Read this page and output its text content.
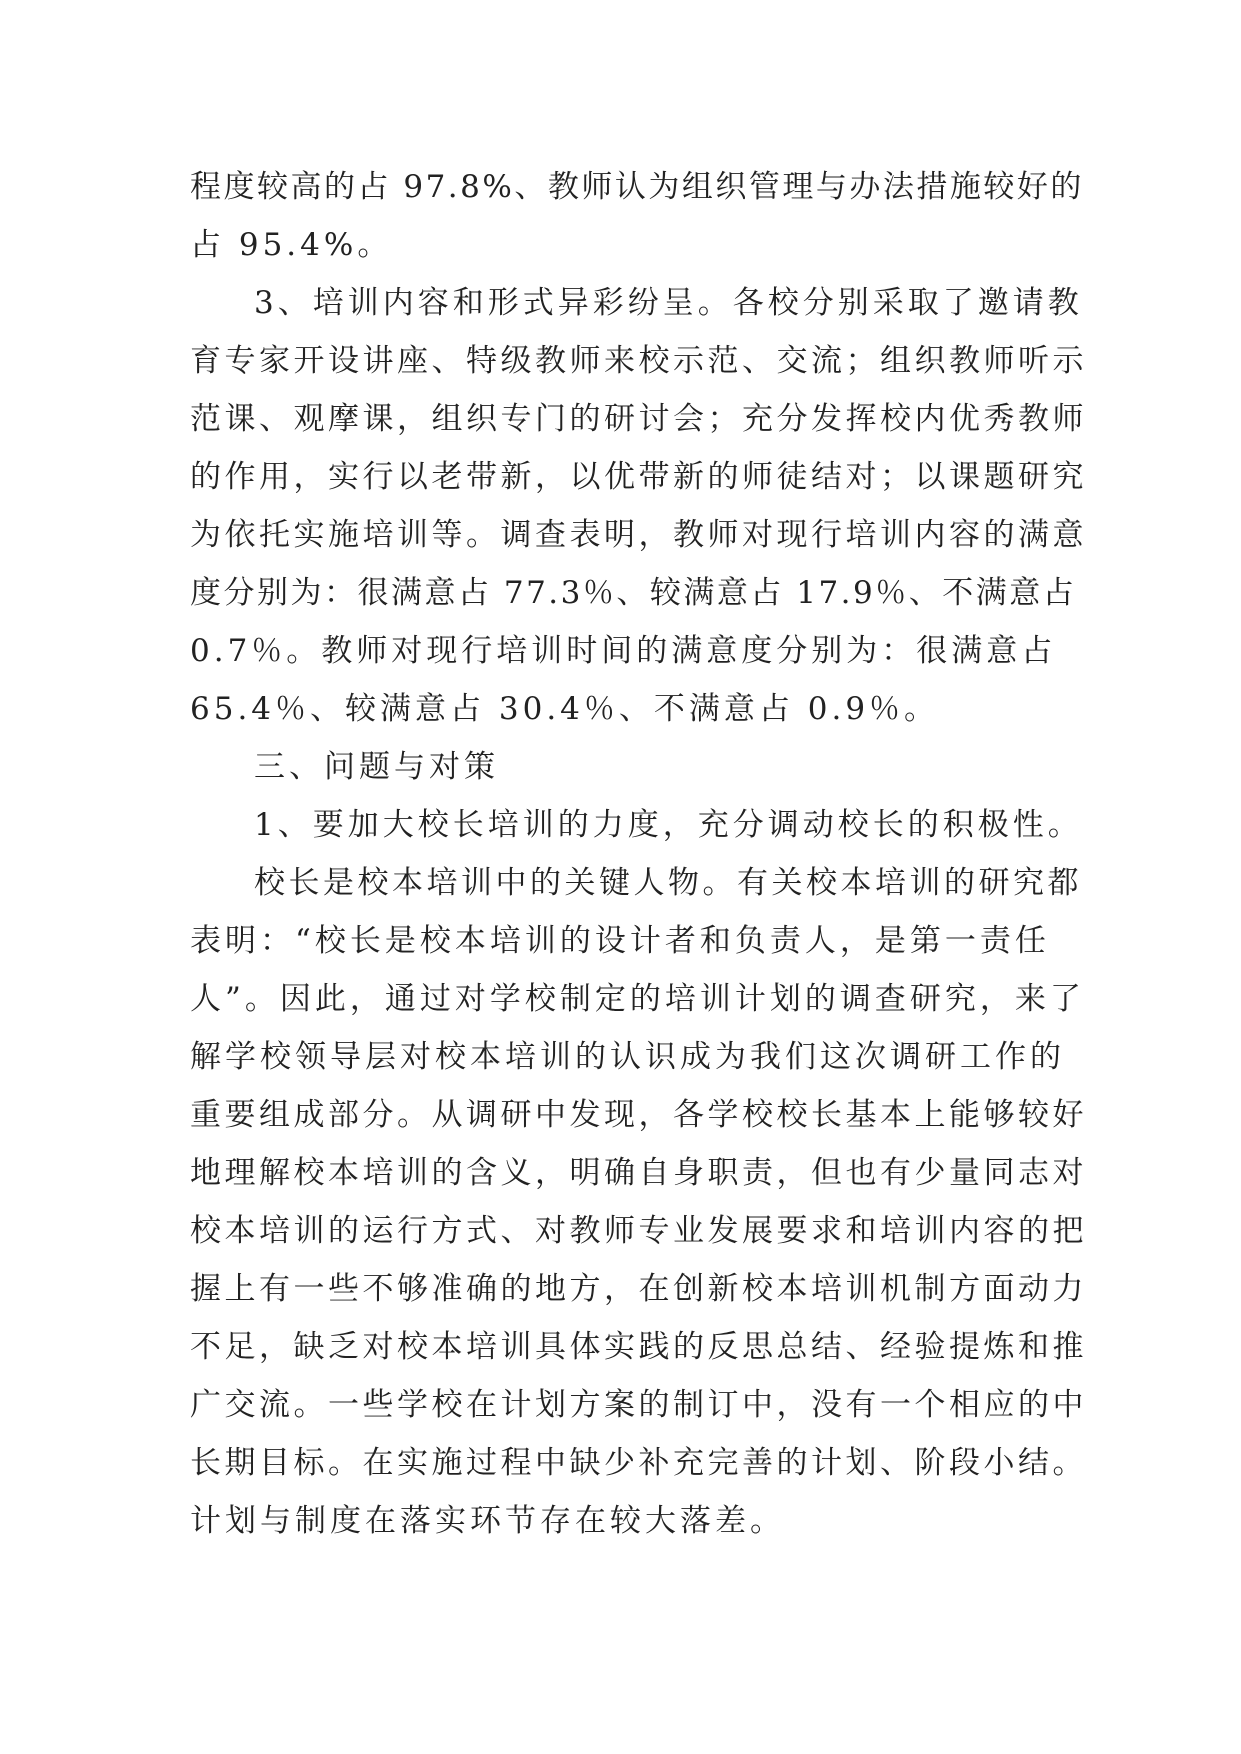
程度较高的占 97.8%、教师认为组织管理与办法措施较好的
占 95.4%。
3、培训内容和形式异彩纷呈。各校分别采取了邀请教
育专家开设讲座、特级教师来校示范、交流；组织教师听示
范课、观摩课，组织专门的研讨会；充分发挥校内优秀教师
的作用，实行以老带新，以优带新的师徒结对；以课题研究
为依托实施培训等。调查表明，教师对现行培训内容的满意
度分别为：很满意占 77.3％、较满意占 17.9％、不满意占
0.7％。教师对现行培训时间的满意度分别为：很满意占
65.4％、较满意占 30.4％、不满意占 0.9％。
三、问题与对策
1、要加大校长培训的力度，充分调动校长的积极性。
校长是校本培训中的关键人物。有关校本培训的研究都
表明：“校长是校本培训的设计者和负责人，是第一责任
人”。因此，通过对学校制定的培训计划的调查研究，来了
解学校领导层对校本培训的认识成为我们这次调研工作的
重要组成部分。从调研中发现，各学校校长基本上能够较好
地理解校本培训的含义，明确自身职责，但也有少量同志对
校本培训的运行方式、对教师专业发展要求和培训内容的把
握上有一些不够准确的地方，在创新校本培训机制方面动力
不足，缺乏对校本培训具体实践的反思总结、经验提炼和推
广交流。一些学校在计划方案的制订中，没有一个相应的中
长期目标。在实施过程中缺少补充完善的计划、阶段小结。
计划与制度在落实环节存在较大落差。
